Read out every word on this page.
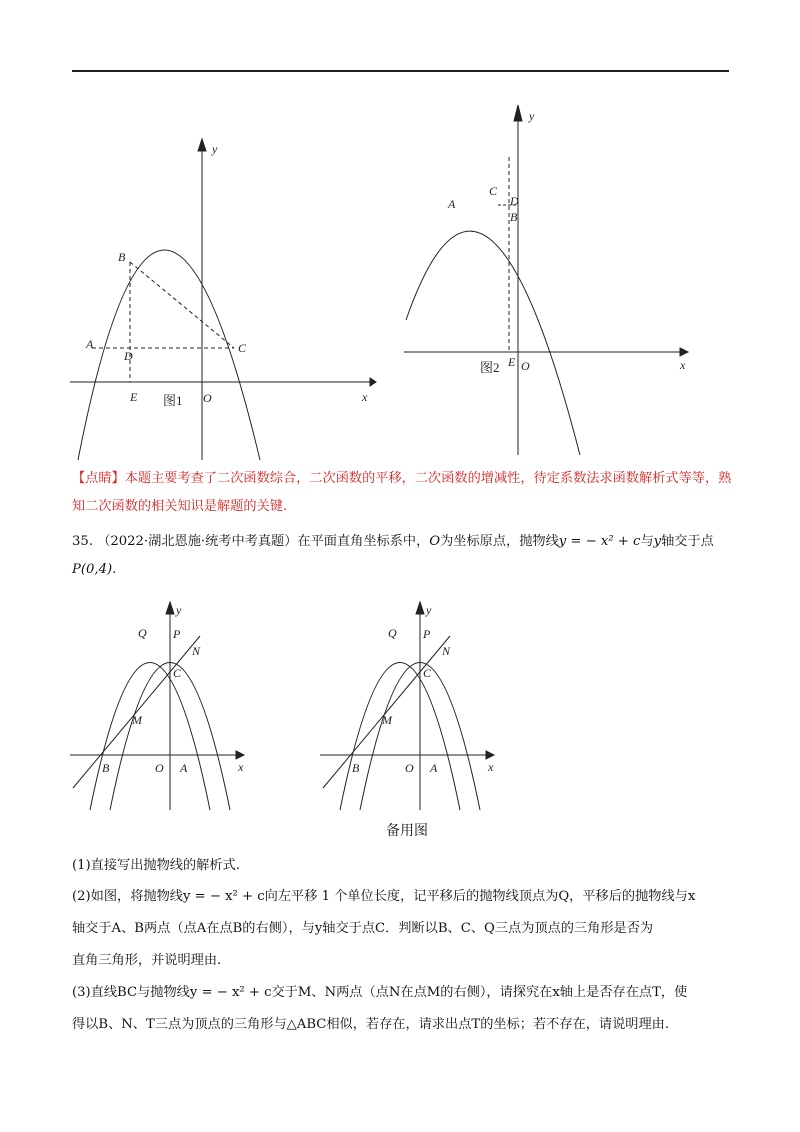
y
x
B
A
D
C
E	O
图1
y
x
A
C
D
B
E O
图2
【点睛】本题主要考查了二次函数综合，二次函数的平移，二次函数的增减性，待定系数法求函数解析式等等，熟知二次函数的相关知识是解题的关键.
35. （2022·湖北恩施·统考中考真题）在平面直角坐标系中，O为坐标原点，抛物线y = − x² + c与y轴交于点P(0,4).
y
x
Q P
N
C
M
B	O A
y
x
Q P
N
C
M
B	O A
备用图
(1)直接写出抛物线的解析式.
(2)如图，将抛物线y = − x² + c向左平移 1 个单位长度，记平移后的抛物线顶点为Q，平移后的抛物线与x
轴交于A、B两点（点A在点B的右侧），与y轴交于点C．判断以B、C、Q三点为顶点的三角形是否为
直角三角形，并说明理由.
(3)直线BC与抛物线y = − x² + c交于M、N两点（点N在点M的右侧），请探究在x轴上是否存在点T，使
得以B、N、T三点为顶点的三角形与△ABC相似，若存在，请求出点T的坐标；若不存在，请说明理由.
